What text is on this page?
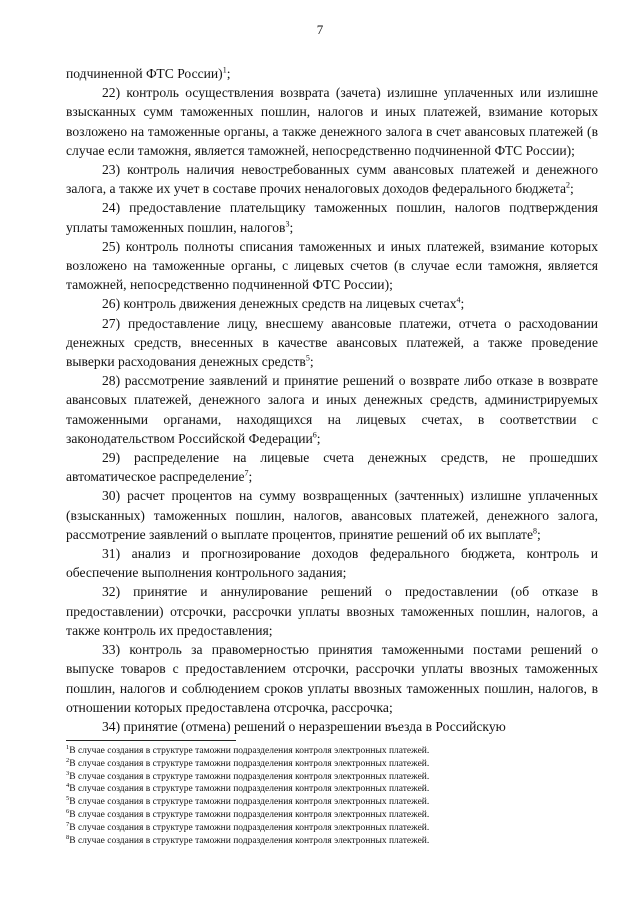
7

подчиненной ФТС России)$^1$;

22) контроль осуществления возврата (зачета) излишне уплаченных или излишне взысканных сумм таможенных пошлин, налогов и иных платежей, взимание которых возложено на таможенные органы, а также денежного залога в счет авансовых платежей (в случае если таможня, является таможней, непосредственно подчиненной ФТС России);

23) контроль наличия невостребованных сумм авансовых платежей и денежного залога, а также их учет в составе прочих неналоговых доходов федерального бюджета$^2$;

24) предоставление плательщику таможенных пошлин, налогов подтверждения уплаты таможенных пошлин, налогов$^3$;

25) контроль полноты списания таможенных и иных платежей, взимание которых возложено на таможенные органы, с лицевых счетов (в случае если таможня, является таможней, непосредственно подчиненной ФТС России);

26) контроль движения денежных средств на лицевых счетах$^4$;

27) предоставление лицу, внесшему авансовые платежи, отчета о расходовании денежных средств, внесенных в качестве авансовых платежей, а также проведение выверки расходования денежных средств$^5$;

28) рассмотрение заявлений и принятие решений о возврате либо отказе в возврате авансовых платежей, денежного залога и иных денежных средств, администрируемых таможенными органами, находящихся на лицевых счетах, в соответствии с законодательством Российской Федерации$^6$;

29) распределение на лицевые счета денежных средств, не прошедших автоматическое распределение$^7$;

30) расчет процентов на сумму возвращенных (зачтенных) излишне уплаченных (взысканных) таможенных пошлин, налогов, авансовых платежей, денежного залога, рассмотрение заявлений о выплате процентов, принятие решений об их выплате$^8$;

31) анализ и прогнозирование доходов федерального бюджета, контроль и обеспечение выполнения контрольного задания;

32) принятие и аннулирование решений о предоставлении (об отказе в предоставлении) отсрочки, рассрочки уплаты ввозных таможенных пошлин, налогов, а также контроль их предоставления;

33) контроль за правомерностью принятия таможенными постами решений о выпуске товаров с предоставлением отсрочки, рассрочки уплаты ввозных таможенных пошлин, налогов и соблюдением сроков уплаты ввозных таможенных пошлин, налогов, в отношении которых предоставлена отсрочка, рассрочка;

34) принятие (отмена) решений о неразрешении въезда в Российскую

$^1$В случае создания в структуре таможни подразделения контроля электронных платежей.
$^2$В случае создания в структуре таможни подразделения контроля электронных платежей.
$^3$В случае создания в структуре таможни подразделения контроля электронных платежей.
$^4$В случае создания в структуре таможни подразделения контроля электронных платежей.
$^5$В случае создания в структуре таможни подразделения контроля электронных платежей.
$^6$В случае создания в структуре таможни подразделения контроля электронных платежей.
$^7$В случае создания в структуре таможни подразделения контроля электронных платежей.
$^8$В случае создания в структуре таможни подразделения контроля электронных платежей.
